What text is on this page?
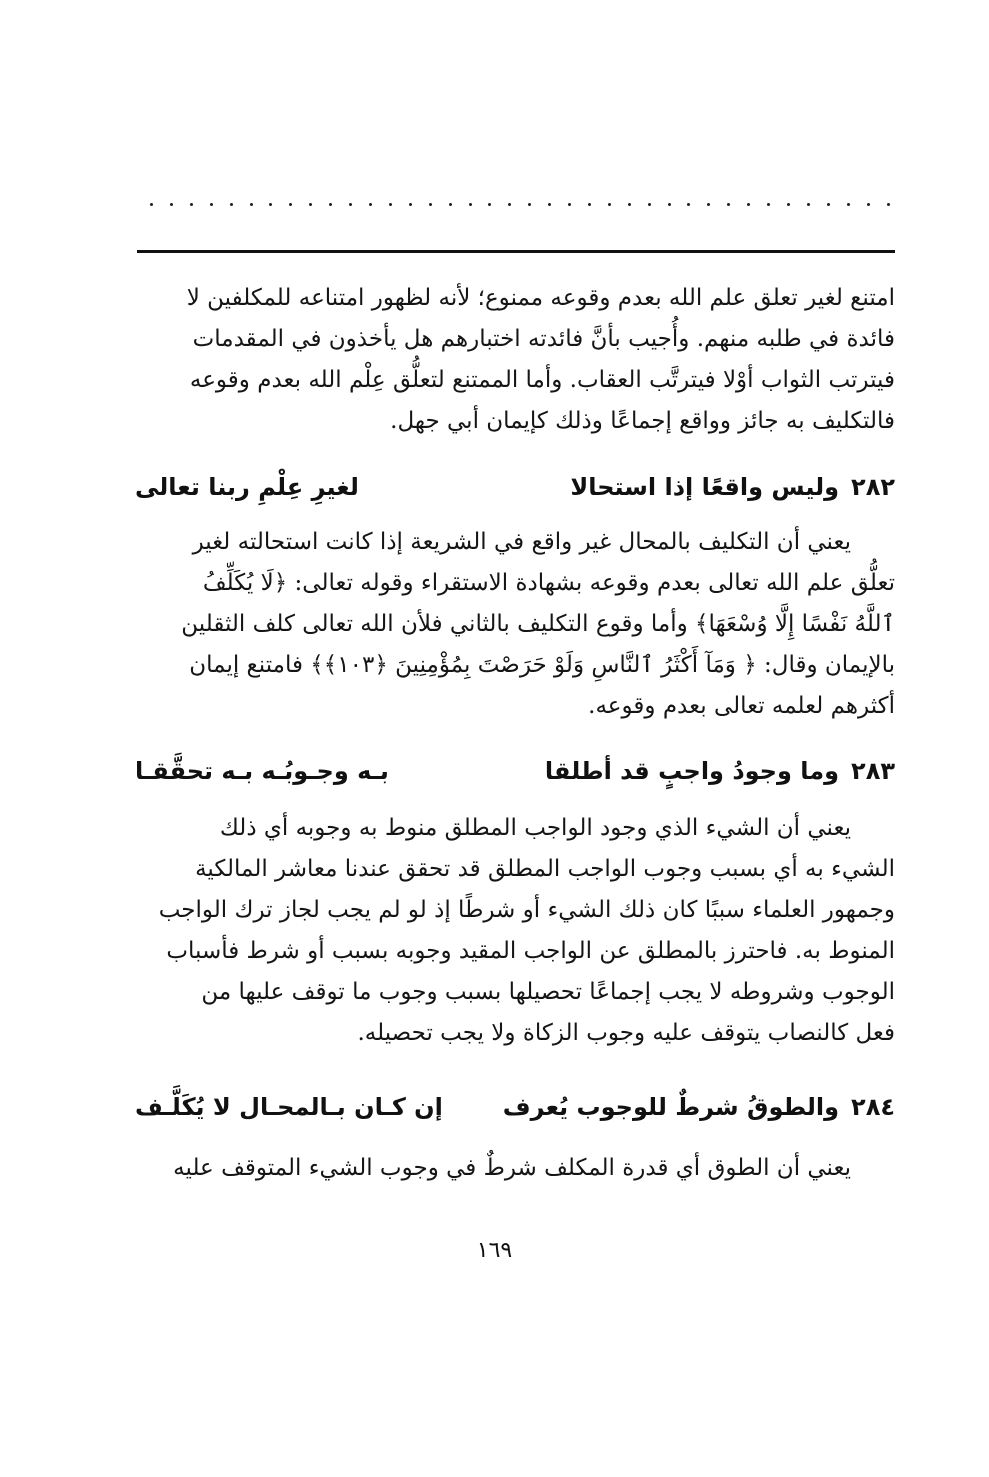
امتنع لغير تعلق علم الله بعدم وقوعه ممنوع؛ لأنه لظهور امتناعه للمكلفين لا

فائدة في طلبه منهم. وأُجيب بأنَّ فائدته اختبارهم هل يأخذون في المقدمات

فيترتب الثواب أوْلا فيترتَّب العقاب. وأما الممتنع لتعلُّق عِلْم الله بعدم وقوعه

فالتكليف به جائز وواقع إجماعًا وذلك كإيمان أبي جهل.

٢٨٢
وليس واقعًا إذا استحالا
لغيرِ عِلْمِ ربنا تعالى

يعني أن التكليف بالمحال غير واقع في الشريعة إذا كانت استحالته لغير

تعلُّق علم الله تعالى بعدم وقوعه بشهادة الاستقراء وقوله تعالى: ﴿لَا يُكَلِّفُ

ٱللَّهُ نَفْسًا إِلَّا وُسْعَهَا﴾ وأما وقوع التكليف بالثاني فلأن الله تعالى كلف الثقلين

بالإيمان وقال: ﴿ وَمَآ أَكْثَرُ ٱلنَّاسِ وَلَوْ حَرَصْتَ بِمُؤْمِنِينَ ﴿١٠٣﴾﴾ فامتنع إيمان

أكثرهم لعلمه تعالى بعدم وقوعه.

٢٨٣
وما وجودُ واجبٍ قد أطلقا
بـه وجـوبُـه بـه تحقَّقـا

يعني أن الشيء الذي وجود الواجب المطلق منوط به وجوبه أي ذلك

الشيء به أي بسبب وجوب الواجب المطلق قد تحقق عندنا معاشر المالكية

وجمهور العلماء سببًا كان ذلك الشيء أو شرطًا إذ لو لم يجب لجاز ترك الواجب

المنوط به. فاحترز بالمطلق عن الواجب المقيد وجوبه بسبب أو شرط فأسباب

الوجوب وشروطه لا يجب إجماعًا تحصيلها بسبب وجوب ما توقف عليها من

فعل كالنصاب يتوقف عليه وجوب الزكاة ولا يجب تحصيله.

٢٨٤
والطوقُ شرطٌ للوجوب يُعرف
إن كـان بـالمحـال لا يُكَلَّـف

يعني أن الطوق أي قدرة المكلف شرطٌ في وجوب الشيء المتوقف عليه

١٦٩
